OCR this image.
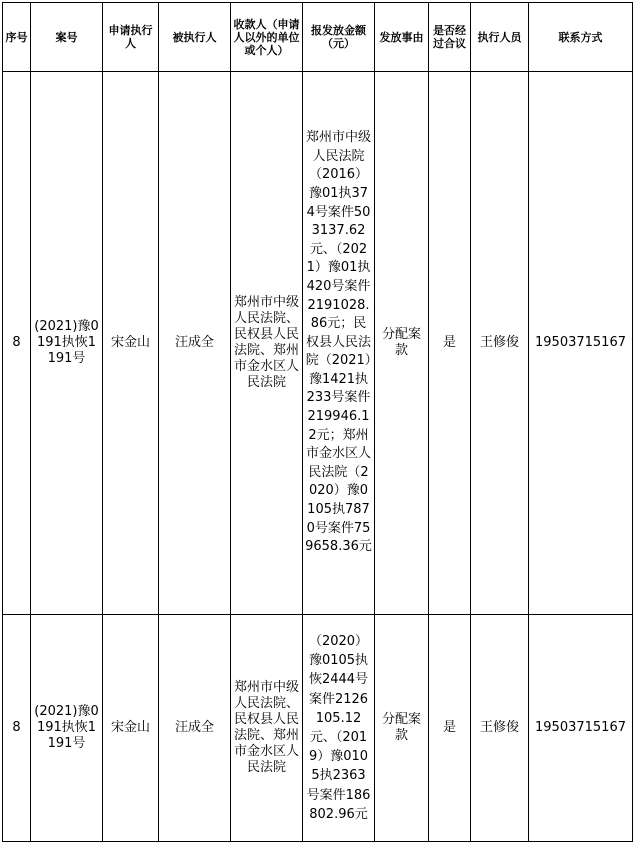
序号	案号	申请执行人	被执行人	收款人（申请人以外的单位或个人）	报发放金额（元）	发放事由	是否经过合议	执行人员	联系方式
8	(2021)豫0191执恢1191号	宋金山	汪成全	郑州市中级人民法院、民权县人民法院、郑州市金水区人民法院	郑州市中级人民法院（2016）豫01执374号案件503137.62元、（2021）豫01执420号案件2191028.86元；民权县人民法院（2021）豫1421执233号案件219946.12元；郑州市金水区人民法院（2020）豫0105执7870号案件759658.36元	分配案款	是	王修俊	19503715167
8	(2021)豫0191执恢1191号	宋金山	汪成全	郑州市中级人民法院、民权县人民法院、郑州市金水区人民法院	（2020）豫0105执恢2444号案件2126105.12元、（2019）豫0105执2363号案件186802.96元	分配案款	是	王修俊	19503715167
